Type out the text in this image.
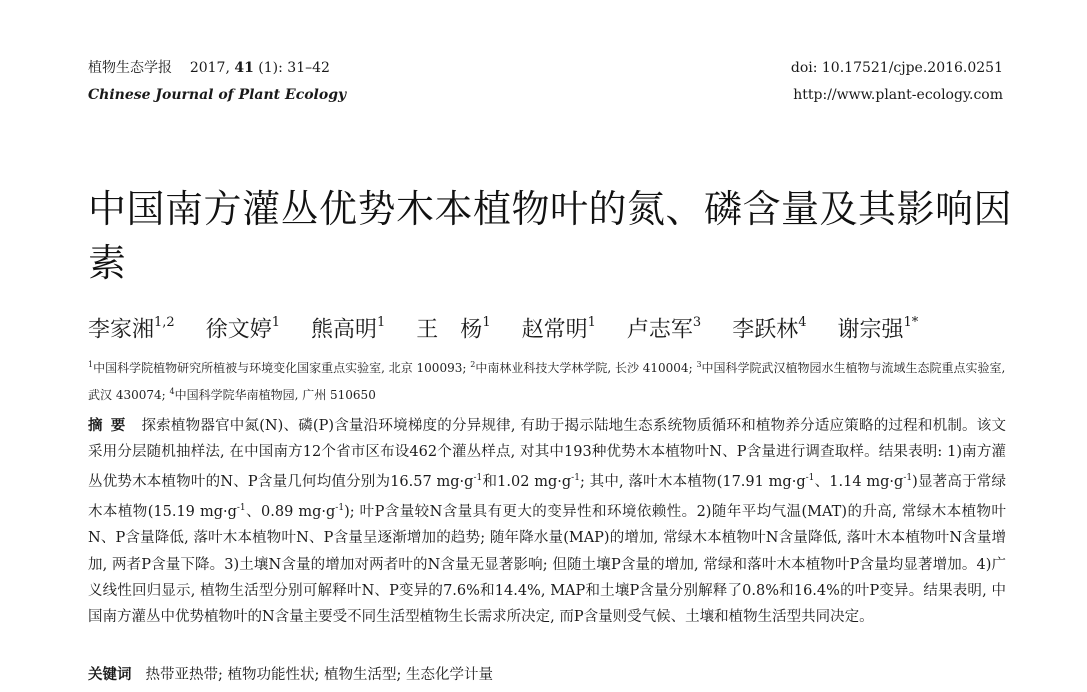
植物生态学报 2017, 41 (1): 31–42
Chinese Journal of Plant Ecology
doi: 10.17521/cjpe.2016.0251
http://www.plant-ecology.com
中国南方灌丛优势木本植物叶的氮、磷含量及其影响因素
李家湘$^{1,2}$ 徐文婷$^1$ 熊高明$^1$ 王　杨$^1$ 赵常明$^1$ 卢志军$^3$ 李跃林$^4$ 谢宗强$^{1*}$
$^1$中国科学院植物研究所植被与环境变化国家重点实验室, 北京 100093; $^2$中南林业科技大学林学院, 长沙 410004; $^3$中国科学院武汉植物园水生植物与流域生态院重点实验室, 武汉 430074; $^4$中国科学院华南植物园, 广州 510650
摘要 探索植物器官中氮(N)、磷(P)含量沿环境梯度的分异规律, 有助于揭示陆地生态系统物质循环和植物养分适应策略的过程和机制。该文采用分层随机抽样法, 在中国南方12个省市区布设462个灌丛样点, 对其中193种优势木本植物叶N、P含量进行调查取样。结果表明: 1)南方灌丛优势木本植物叶的N、P含量几何均值分别为16.57 $mg\cdot g^{-1}$和1.02 $mg\cdot g^{-1}$; 其中, 落叶木本植物(17.91 $mg\cdot g^{-1}$、1.14 $mg\cdot g^{-1}$)显著高于常绿木本植物(15.19 $mg\cdot g^{-1}$、0.89 $mg\cdot g^{-1}$); 叶P含量较N含量具有更大的变异性和环境依赖性。2)随年平均气温(MAT)的升高, 常绿木本植物叶N、P含量降低, 落叶木本植物叶N、P含量呈逐渐增加的趋势; 随年降水量(MAP)的增加, 常绿木本植物叶N含量降低, 落叶木本植物叶N含量增加, 两者P含量下降。3)土壤N含量的增加对两者叶的N含量无显著影响; 但随土壤P含量的增加, 常绿和落叶木本植物叶P含量均显著增加。4)广义线性回归显示, 植物生活型分别可解释叶N、P变异的7.6%和14.4%, MAP和土壤P含量分别解释了0.8%和16.4%的叶P变异。结果表明, 中国南方灌丛中优势植物叶的N含量主要受不同生活型植物生长需求所决定, 而P含量则受气候、土壤和植物生活型共同决定。
关键词 热带亚热带; 植物功能性状; 植物生活型; 生态化学计量
